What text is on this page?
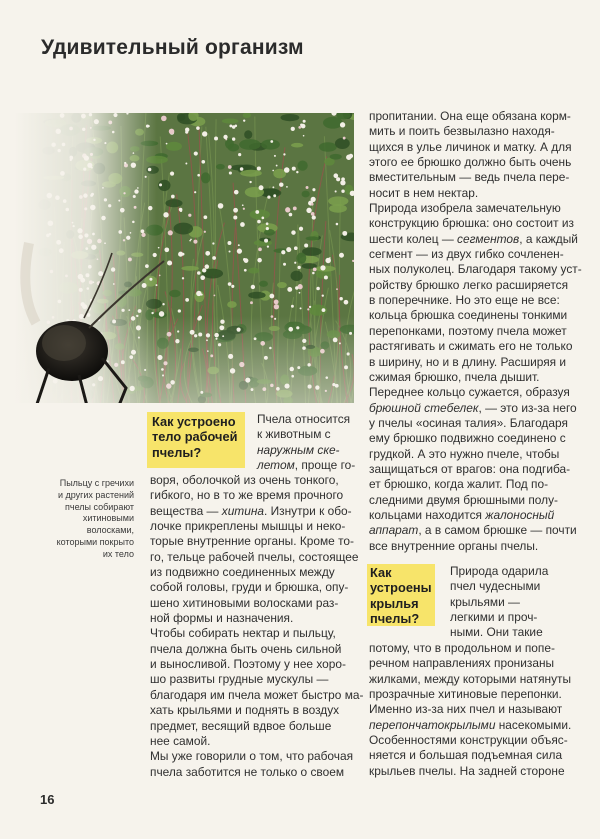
Удивительный организм
Пыльцу с гречихи
и других растений
пчелы собирают
хитиновыми
волосками,
которыми покрыто
их тело
Как устроено
тело рабочей
пчелы?
Пчела относится
к животным с
наружным ске-
летом, проще го-
воря, оболочкой из очень тонкого,
гибкого, но в то же время прочного
вещества — хитина. Изнутри к обо-
лочке прикреплены мышцы и неко-
торые внутренние органы. Кроме то-
го, тельце рабочей пчелы, состоящее
из подвижно соединенных между
собой головы, груди и брюшка, опу-
шено хитиновыми волосками раз-
ной формы и назначения.
Чтобы собирать нектар и пыльцу,
пчела должна быть очень сильной
и выносливой. Поэтому у нее хоро-
шо развиты грудные мускулы —
благодаря им пчела может быстро ма-
хать крыльями и поднять в воздух
предмет, весящий вдвое больше
нее самой.
Мы уже говорили о том, что рабочая
пчела заботится не только о своем
пропитании. Она еще обязана корм-
мить и поить безвылазно находя-
щихся в улье личинок и матку. А для
этого ее брюшко должно быть очень
вместительным — ведь пчела пере-
носит в нем нектар.
Природа изобрела замечательную
конструкцию брюшка: оно состоит из
шести колец — сегментов, а каждый
сегмент — из двух гибко сочленен-
ных полуколец. Благодаря такому уст-
ройству брюшко легко расширяется
в поперечнике. Но это еще не все:
кольца брюшка соединены тонкими
перепонками, поэтому пчела может
растягивать и сжимать его не только
в ширину, но и в длину. Расширяя и
сжимая брюшко, пчела дышит.
Переднее кольцо сужается, образуя
брюшной стебелек, — это из-за него
у пчелы «осиная талия». Благодаря
ему брюшко подвижно соединено с
грудкой. А это нужно пчеле, чтобы
защищаться от врагов: она подгиба-
ет брюшко, когда жалит. Под по-
следними двумя брюшными полу-
кольцами находится жалоносный
аппарат, а в самом брюшке — почти
все внутренние органы пчелы.
Как
устроены
крылья
пчелы?
Природа одарила
пчел чудесными
крыльями —
легкими и проч-
ными. Они такие
потому, что в продольном и попе-
речном направлениях пронизаны
жилками, между которыми натянуты
прозрачные хитиновые перепонки.
Именно из-за них пчел и называют
перепончатокрылыми насекомыми.
Особенностями конструкции объяс-
няется и большая подъемная сила
крыльев пчелы. На задней стороне
16
